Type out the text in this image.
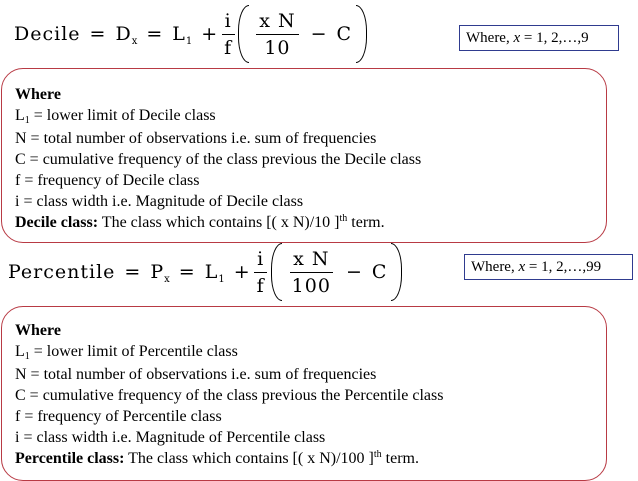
Decile = D x = L $1 + \frac{i}{f} \frac{\text{x N}}{10} - C$	Where, x = 1, 2,…,9
Where
L1 = lower limit of Decile class
N = total number of observations i.e. sum of frequencies
C = cumulative frequency of the class previous the Decile class
f = frequency of Decile class
i = class width i.e. Magnitude of Decile class
Decile class: The class which contains [( x N)/10 ]$^{th}$ term.
Percentile = P x = L $1 + \frac{i}{f} \frac{\text{x N}}{100} - C$	Where, x = 1, 2,…,99
Where
L1 = lower limit of Percentile class
N = total number of observations i.e. sum of frequencies
C = cumulative frequency of the class previous the Percentile class
f = frequency of Percentile class
i = class width i.e. Magnitude of Percentile class
Percentile class: The class which contains [( x N)/100 ]$^{th}$ term.
